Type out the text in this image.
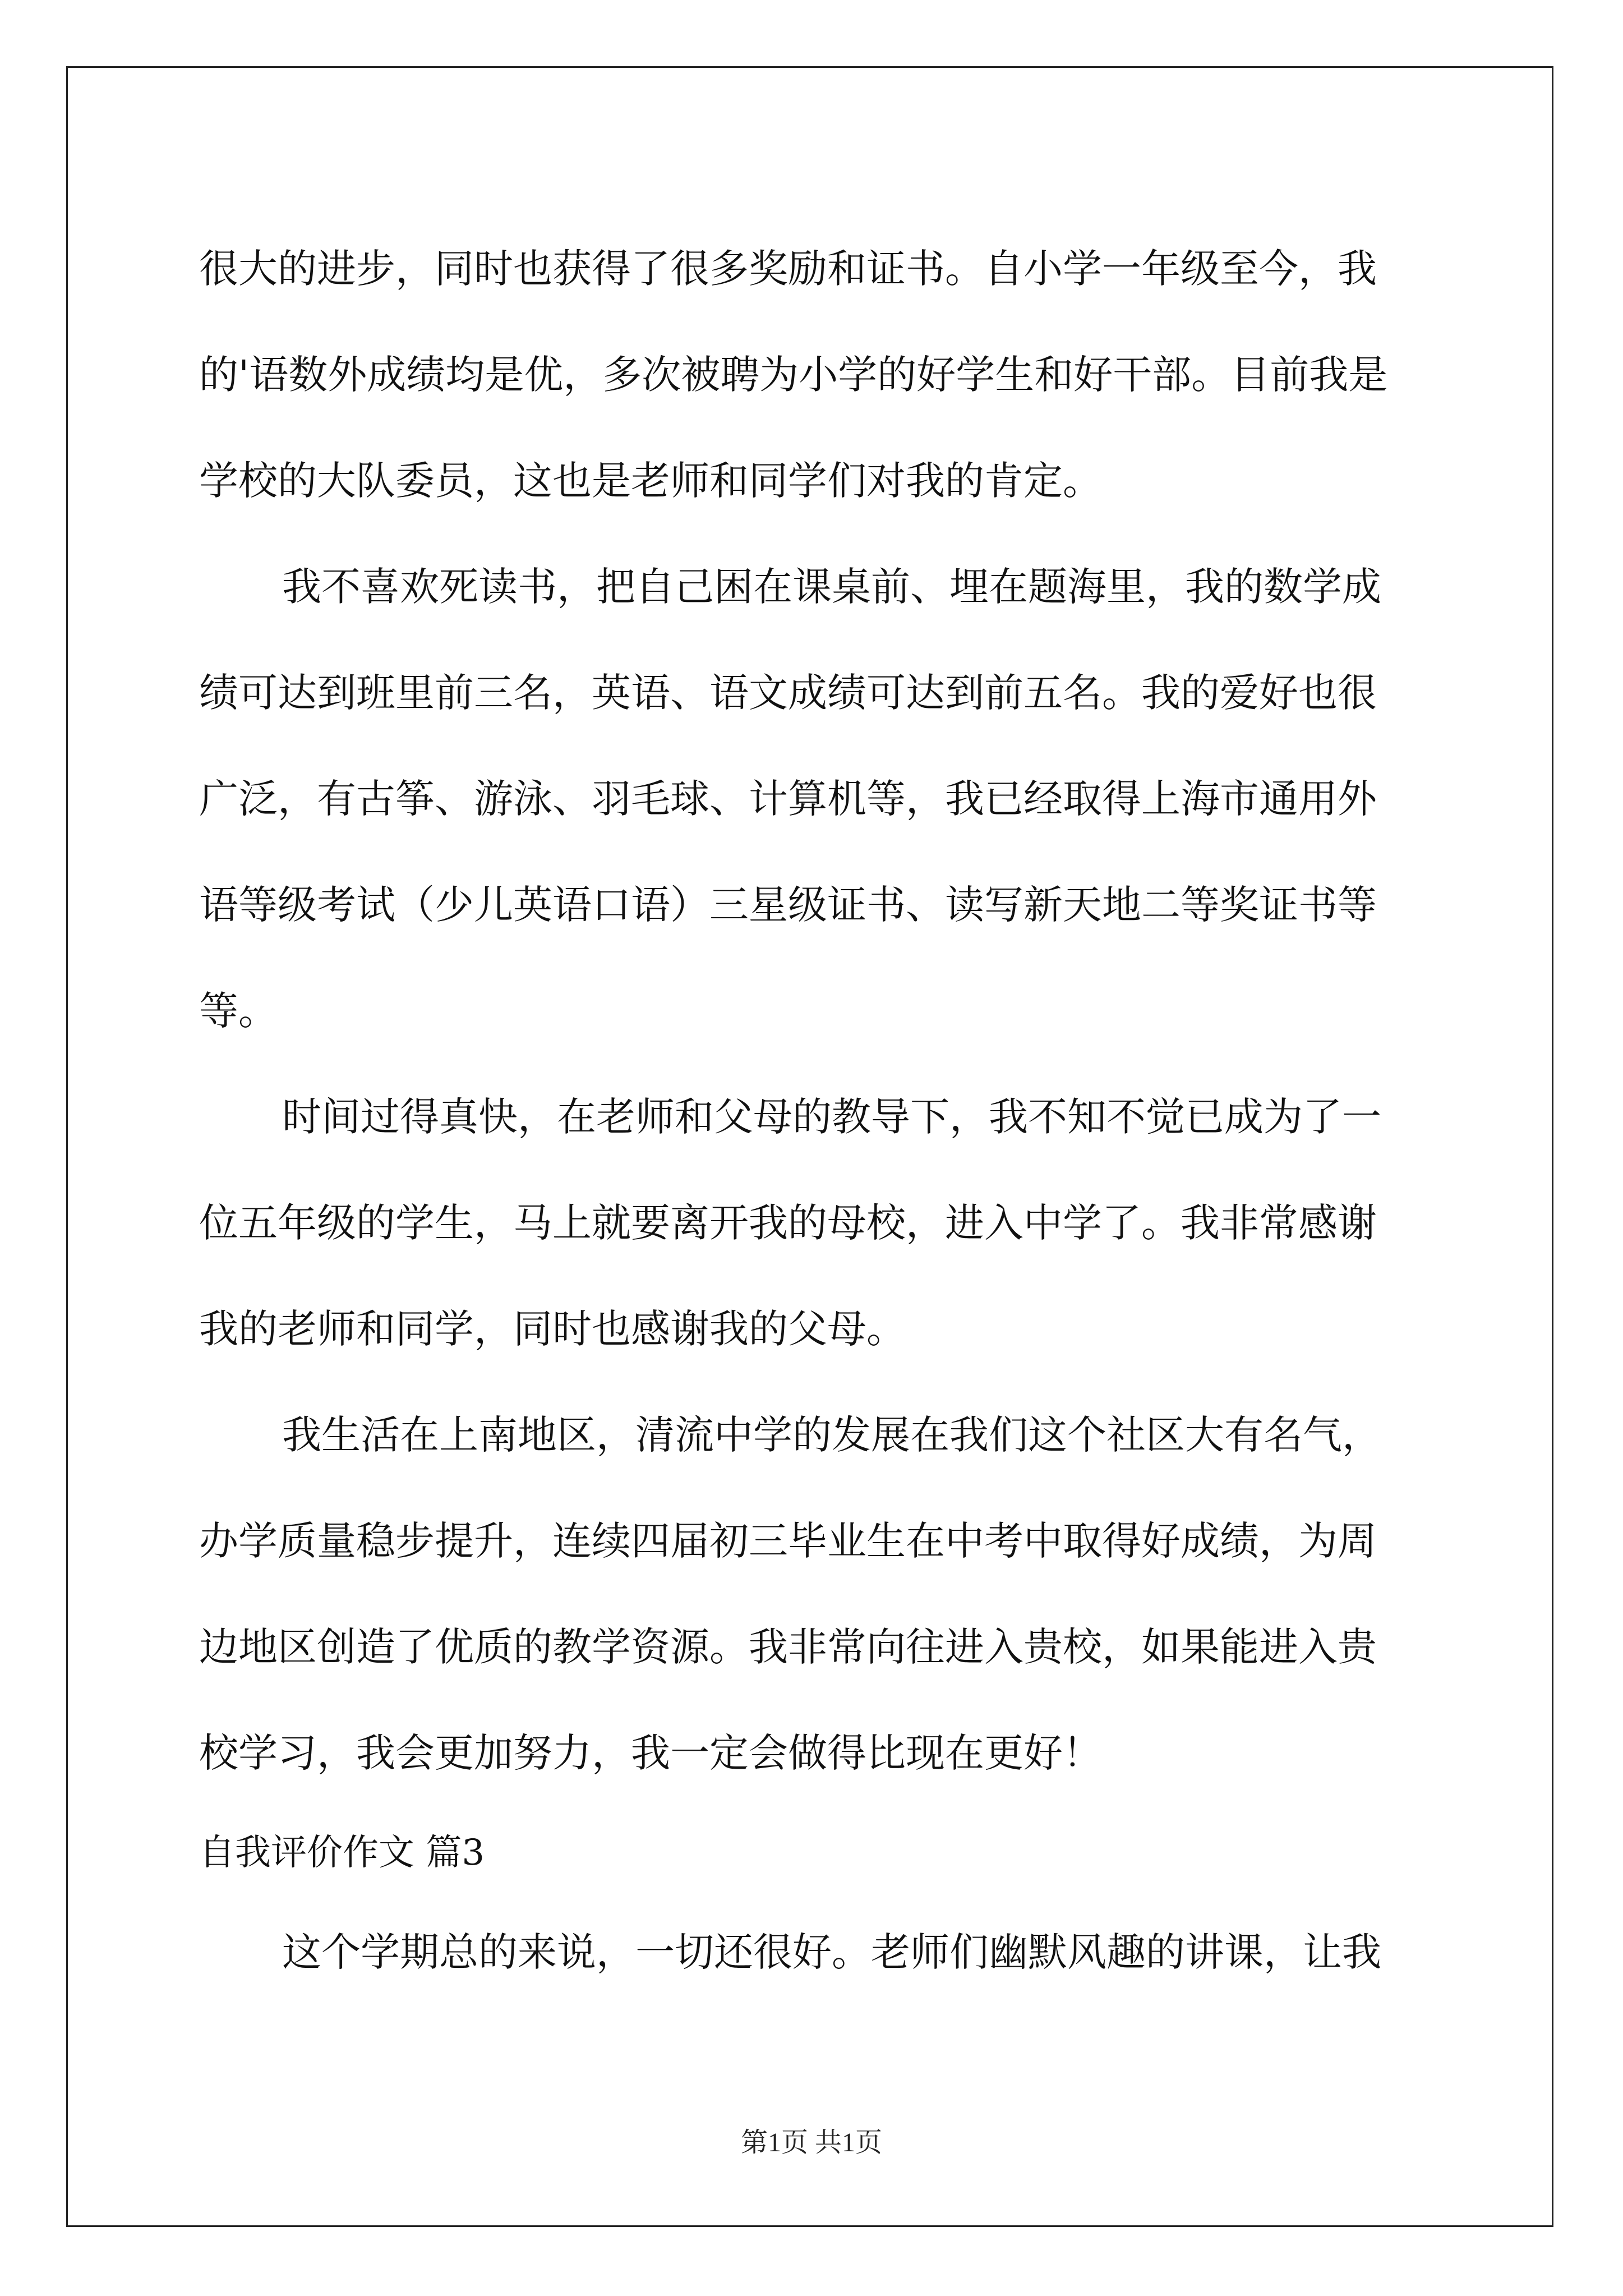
很大的进步，同时也获得了很多奖励和证书。自小学一年级至今，我
的'语数外成绩均是优，多次被聘为小学的好学生和好干部。目前我是
学校的大队委员，这也是老师和同学们对我的肯定。
我不喜欢死读书，把自己困在课桌前、埋在题海里，我的数学成
绩可达到班里前三名，英语、语文成绩可达到前五名。我的爱好也很
广泛，有古筝、游泳、羽毛球、计算机等，我已经取得上海市通用外
语等级考试（少儿英语口语）三星级证书、读写新天地二等奖证书等
等。
时间过得真快，在老师和父母的教导下，我不知不觉已成为了一
位五年级的学生，马上就要离开我的母校，进入中学了。我非常感谢
我的老师和同学，同时也感谢我的父母。
我生活在上南地区，清流中学的发展在我们这个社区大有名气，
办学质量稳步提升，连续四届初三毕业生在中考中取得好成绩，为周
边地区创造了优质的教学资源。我非常向往进入贵校，如果能进入贵
校学习，我会更加努力，我一定会做得比现在更好！
自我评价作文 篇3
这个学期总的来说，一切还很好。老师们幽默风趣的讲课，让我
第1页 共1页
